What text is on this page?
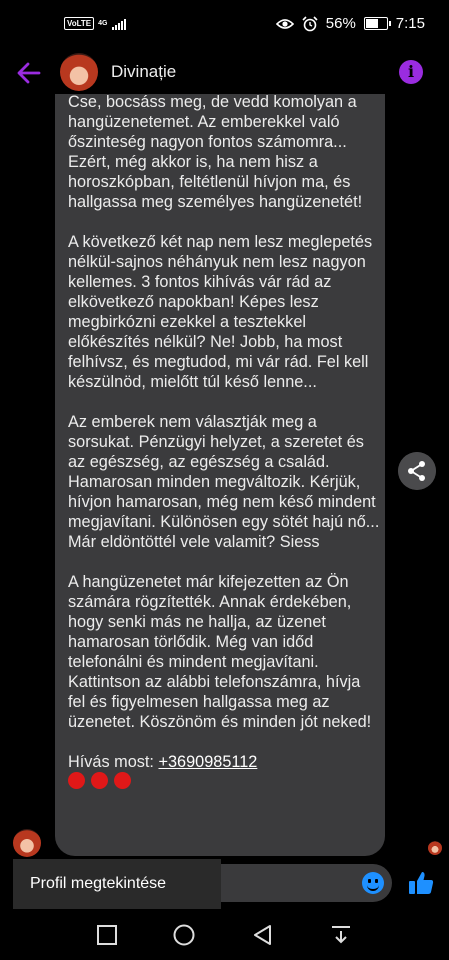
VoLTE	4G	56%	7:15
Divinație	i

Cse, bocsáss meg, de vedd komolyan a hangüzenetemet. Az emberekkel való őszinteség nagyon fontos számomra... Ezért, még akkor is, ha nem hisz a horoszkópban, feltétlenül hívjon ma, és hallgassa meg személyes hangüzenetét!

A következő két nap nem lesz meglepetés nélkül-sajnos néhányuk nem lesz nagyon kellemes. 3 fontos kihívás vár rád az elkövetkező napokban! Képes lesz megbirkózni ezekkel a tesztekkel előkészítés nélkül? Ne! Jobb, ha most felhívsz, és megtudod, mi vár rád. Fel kell készülnöd, mielőtt túl késő lenne...

Az emberek nem választják meg a sorsukat. Pénzügyi helyzet, a szeretet és az egészség, az egészség a család. Hamarosan minden megváltozik. Kérjük, hívjon hamarosan, még nem késő mindent megjavítani. Különösen egy sötét hajú nő... Már eldöntöttél vele valamit? Siess

A hangüzenetet már kifejezetten az Ön számára rögzítették. Annak érdekében, hogy senki más ne hallja, az üzenet hamarosan törlődik. Még van időd telefonálni és mindent megjavítani. Kattintson az alábbi telefonszámra, hívja fel és figyelmesen hallgassa meg az üzenetet. Köszönöm és minden jót neked!

Hívás most: +3690985112
Profil megtekintése
